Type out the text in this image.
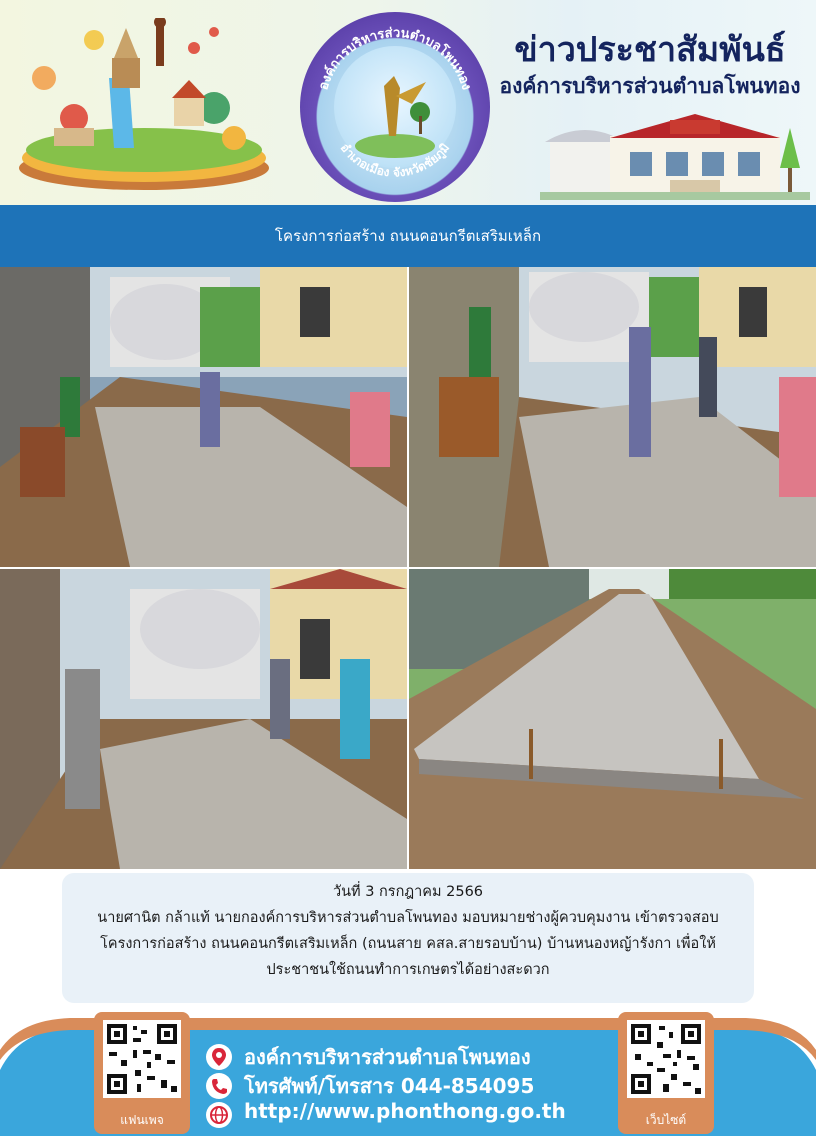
องค์การบริหารส่วนตำบลโพนทอง
อำเภอเมือง จังหวัดชัยภูมิ
ข่าวประชาสัมพันธ์
องค์การบริหารส่วนตำบลโพนทอง
โครงการก่อสร้าง ถนนคอนกรีตเสริมเหล็ก
วันที่ 3 กรกฎาคม 2566
นายศานิต กล้าแท้ นายกองค์การบริหารส่วนตำบลโพนทอง มอบหมายช่างผู้ควบคุมงาน เข้าตรวจสอบ
โครงการก่อสร้าง ถนนคอนกรีตเสริมเหล็ก (ถนนสาย คสล.สายรอบบ้าน) บ้านหนองหญ้ารังกา เพื่อให้
ประชาชนใช้ถนนทำการเกษตรได้อย่างสะดวก
แฟนเพจ
องค์การบริหารส่วนตำบลโพนทอง
โทรศัพท์/โทรสาร 044-854095
http://www.phonthong.go.th	เว็บไซต์
